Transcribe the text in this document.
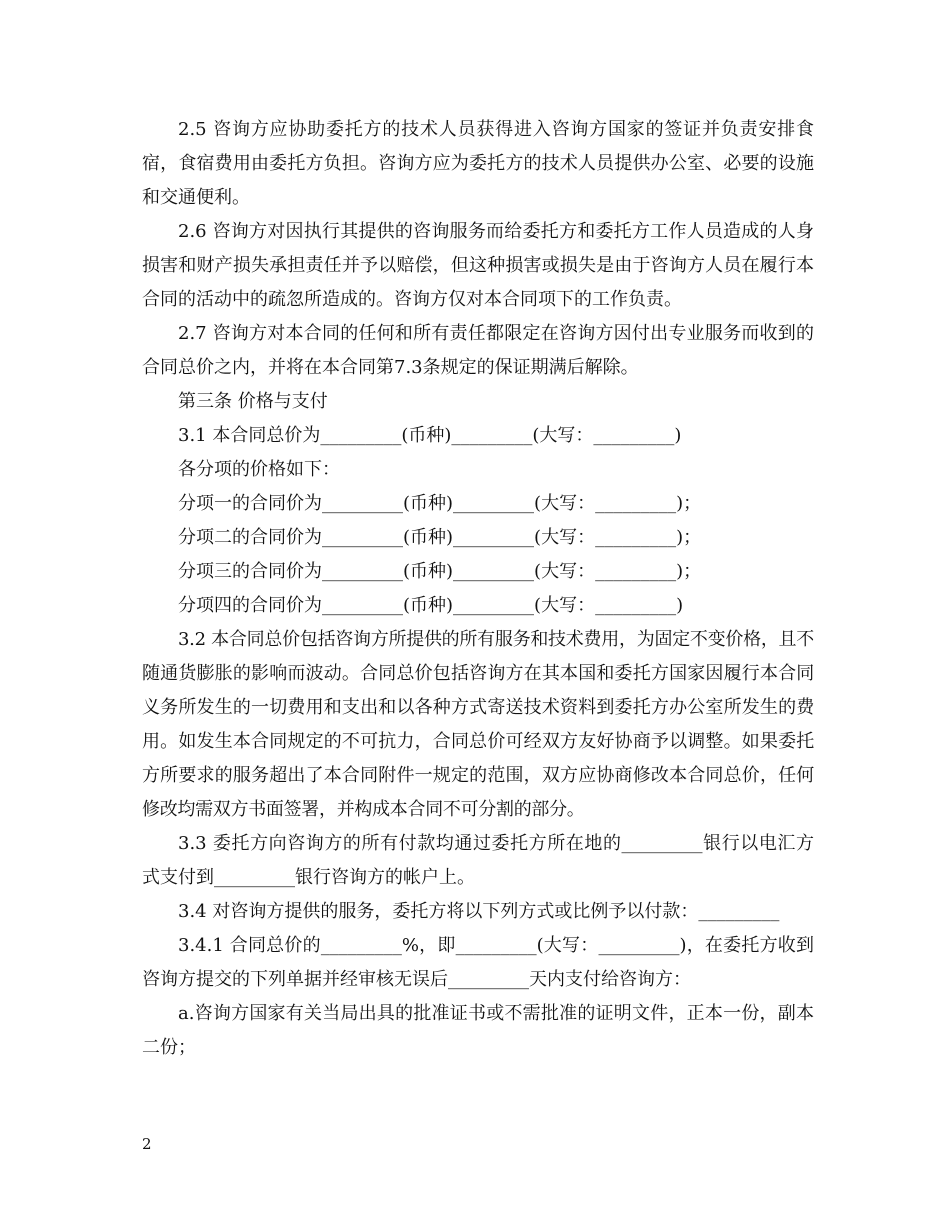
2.5 咨询方应协助委托方的技术人员获得进入咨询方国家的签证并负责安排食宿，食宿费用由委托方负担。咨询方应为委托方的技术人员提供办公室、必要的设施和交通便利。

2.6 咨询方对因执行其提供的咨询服务而给委托方和委托方工作人员造成的人身损害和财产损失承担责任并予以赔偿，但这种损害或损失是由于咨询方人员在履行本合同的活动中的疏忽所造成的。咨询方仅对本合同项下的工作负责。

2.7 咨询方对本合同的任何和所有责任都限定在咨询方因付出专业服务而收到的合同总价之内，并将在本合同第7.3条规定的保证期满后解除。

第三条 价格与支付

3.1 本合同总价为_________(币种)_________(大写：_________)

各分项的价格如下：

分项一的合同价为_________(币种)_________(大写：_________)；

分项二的合同价为_________(币种)_________(大写：_________)；

分项三的合同价为_________(币种)_________(大写：_________)；

分项四的合同价为_________(币种)_________(大写：_________)

3.2 本合同总价包括咨询方所提供的所有服务和技术费用，为固定不变价格，且不随通货膨胀的影响而波动。合同总价包括咨询方在其本国和委托方国家因履行本合同义务所发生的一切费用和支出和以各种方式寄送技术资料到委托方办公室所发生的费用。如发生本合同规定的不可抗力，合同总价可经双方友好协商予以调整。如果委托方所要求的服务超出了本合同附件一规定的范围，双方应协商修改本合同总价，任何修改均需双方书面签署，并构成本合同不可分割的部分。

3.3 委托方向咨询方的所有付款均通过委托方所在地的_________银行以电汇方式支付到_________银行咨询方的帐户上。

3.4 对咨询方提供的服务，委托方将以下列方式或比例予以付款：_________

3.4.1 合同总价的_________%，即_________(大写：_________)，在委托方收到咨询方提交的下列单据并经审核无误后_________天内支付给咨询方：

a.咨询方国家有关当局出具的批准证书或不需批准的证明文件，正本一份，副本二份；

2
